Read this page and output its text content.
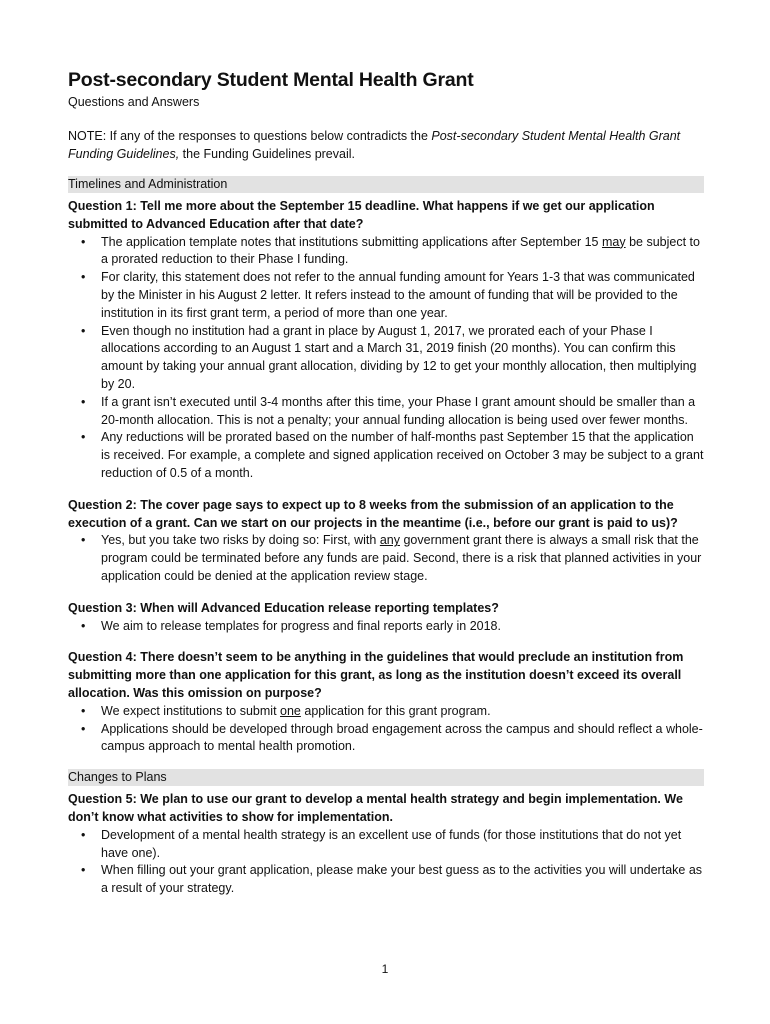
Post-secondary Student Mental Health Grant

Questions and Answers

NOTE: If any of the responses to questions below contradicts the Post-secondary Student Mental Health Grant Funding Guidelines, the Funding Guidelines prevail.

Timelines and Administration

Question 1: Tell me more about the September 15 deadline. What happens if we get our application submitted to Advanced Education after that date?

• The application template notes that institutions submitting applications after September 15 may be subject to a prorated reduction to their Phase I funding.
• For clarity, this statement does not refer to the annual funding amount for Years 1-3 that was communicated by the Minister in his August 2 letter. It refers instead to the amount of funding that will be provided to the institution in its first grant term, a period of more than one year.
• Even though no institution had a grant in place by August 1, 2017, we prorated each of your Phase I allocations according to an August 1 start and a March 31, 2019 finish (20 months). You can confirm this amount by taking your annual grant allocation, dividing by 12 to get your monthly allocation, then multiplying by 20.
• If a grant isn’t executed until 3-4 months after this time, your Phase I grant amount should be smaller than a 20-month allocation. This is not a penalty; your annual funding allocation is being used over fewer months.
• Any reductions will be prorated based on the number of half-months past September 15 that the application is received. For example, a complete and signed application received on October 3 may be subject to a grant reduction of 0.5 of a month.

Question 2: The cover page says to expect up to 8 weeks from the submission of an application to the execution of a grant. Can we start on our projects in the meantime (i.e., before our grant is paid to us)?

• Yes, but you take two risks by doing so: First, with any government grant there is always a small risk that the program could be terminated before any funds are paid. Second, there is a risk that planned activities in your application could be denied at the application review stage.

Question 3: When will Advanced Education release reporting templates?

• We aim to release templates for progress and final reports early in 2018.

Question 4: There doesn’t seem to be anything in the guidelines that would preclude an institution from submitting more than one application for this grant, as long as the institution doesn’t exceed its overall allocation. Was this omission on purpose?

• We expect institutions to submit one application for this grant program.
• Applications should be developed through broad engagement across the campus and should reflect a whole-campus approach to mental health promotion.
Changes to Plans

Question 5: We plan to use our grant to develop a mental health strategy and begin implementation. We don’t know what activities to show for implementation.

• Development of a mental health strategy is an excellent use of funds (for those institutions that do not yet have one).
• When filling out your grant application, please make your best guess as to the activities you will undertake as a result of your strategy.
1
